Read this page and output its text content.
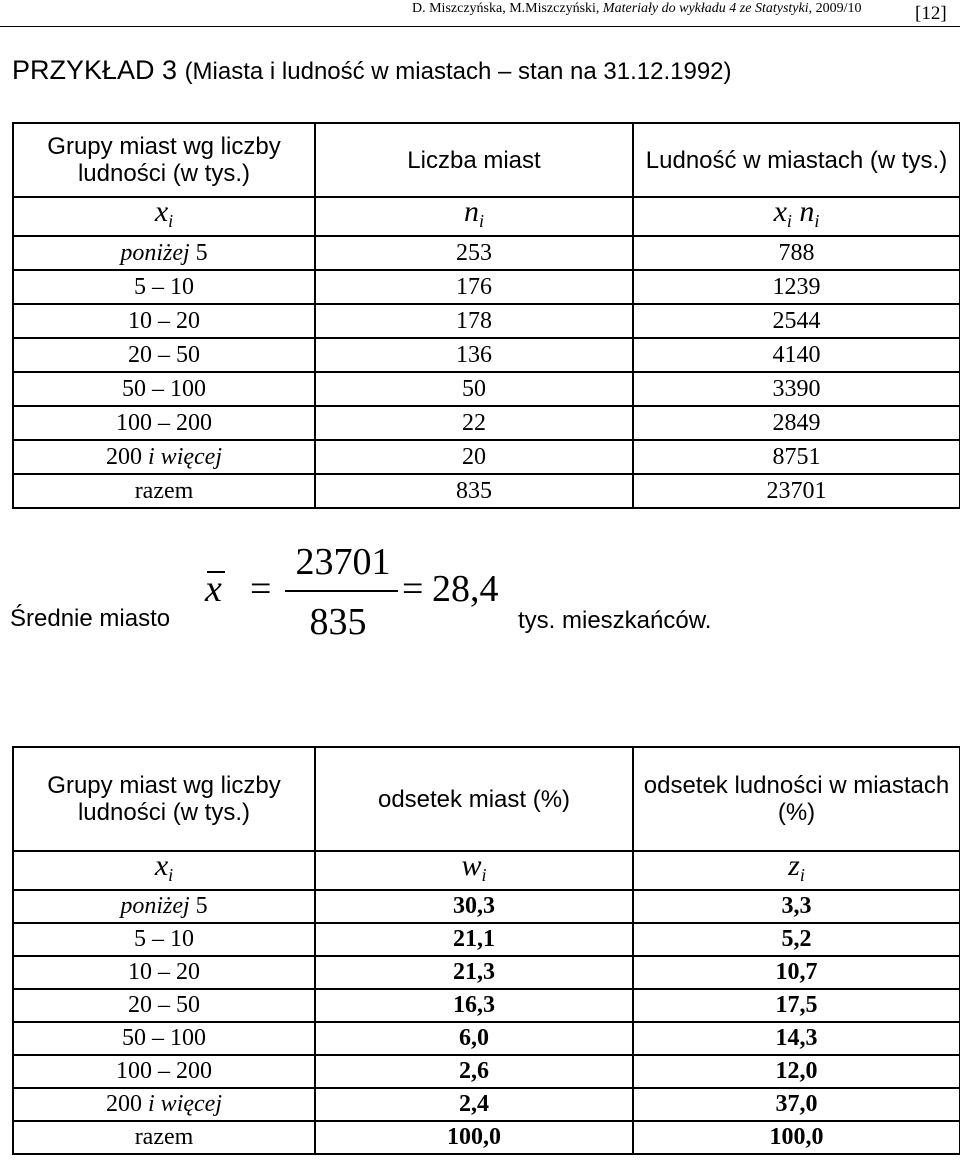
D. Miszczyńska, M.Miszczyński, Materiały do wykładu 4 ze Statystyki, 2009/10	[12]
PRZYKŁAD 3 (Miasta i ludność w miastach – stan na 31.12.1992)
Grupy miast wg liczby ludności (w tys.)	Liczba miast	Ludność w miastach (w tys.)
$x_i$	$n_i$	$x_i$ $n_i$
poniżej 5	253	788
5 – 10	176	1239
10 – 20	178	2544
20 – 50	136	4140
50 – 100	50	3390
100 – 200	22	2849
200 i więcej	20	8751
razem	835	23701
Średnie miasto
x =
23701
835
= 28,4
tys. mieszkańców.
Grupy miast wg liczby ludności (w tys.)	odsetek miast (%)	odsetek ludności w miastach (%)
$x_i$	$w_i$	$z_i$
poniżej 5	30,3	3,3
5 – 10	21,1	5,2
10 – 20	21,3	10,7
20 – 50	16,3	17,5
50 – 100	6,0	14,3
100 – 200	2,6	12,0
200 i więcej	2,4	37,0
razem	100,0	100,0
